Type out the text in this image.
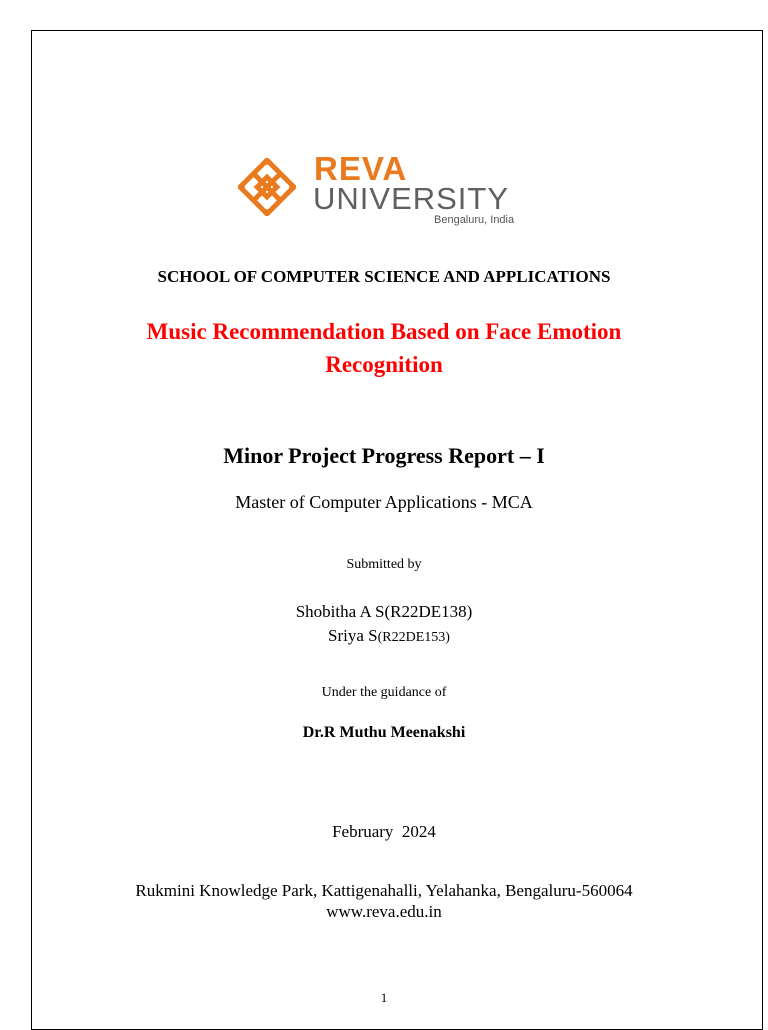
REVA
UNIVERSITY
Bengaluru, India
SCHOOL OF COMPUTER SCIENCE AND APPLICATIONS
Music Recommendation Based on Face Emotion
Recognition
Minor Project Progress Report – I
Master of Computer Applications - MCA
Submitted by
Shobitha A S(R22DE138)
Sriya S(R22DE153)
Under the guidance of
Dr.R Muthu Meenakshi
February  2024
Rukmini Knowledge Park, Kattigenahalli, Yelahanka, Bengaluru-560064
www.reva.edu.in
1
